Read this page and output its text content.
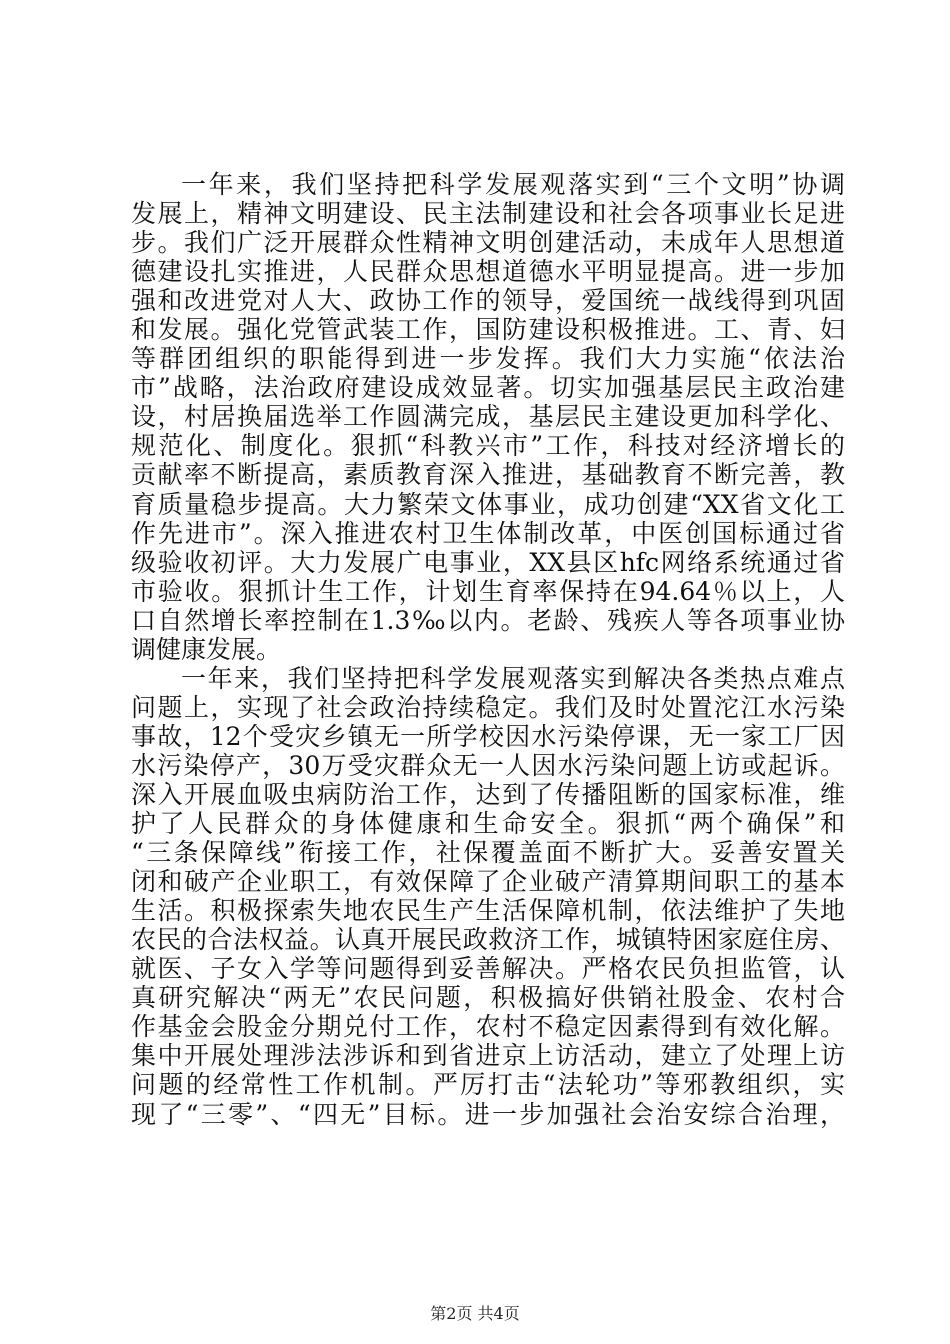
一年来，我们坚持把科学发展观落实到“三个文明”协调
发展上，精神文明建设、民主法制建设和社会各项事业长足进
步。我们广泛开展群众性精神文明创建活动，未成年人思想道
德建设扎实推进，人民群众思想道德水平明显提高。进一步加
强和改进党对人大、政协工作的领导，爱国统一战线得到巩固
和发展。强化党管武装工作，国防建设积极推进。工、青、妇
等群团组织的职能得到进一步发挥。我们大力实施“依法治
市”战略，法治政府建设成效显著。切实加强基层民主政治建
设，村居换届选举工作圆满完成，基层民主建设更加科学化、
规范化、制度化。狠抓“科教兴市”工作，科技对经济增长的
贡献率不断提高，素质教育深入推进，基础教育不断完善，教
育质量稳步提高。大力繁荣文体事业，成功创建“XX省文化工
作先进市”。深入推进农村卫生体制改革，中医创国标通过省
级验收初评。大力发展广电事业，XX县区hfc网络系统通过省
市验收。狠抓计生工作，计划生育率保持在94.64％以上，人
口自然增长率控制在1.3‰以内。老龄、残疾人等各项事业协
调健康发展。
一年来，我们坚持把科学发展观落实到解决各类热点难点
问题上，实现了社会政治持续稳定。我们及时处置沱江水污染
事故，12个受灾乡镇无一所学校因水污染停课，无一家工厂因
水污染停产，30万受灾群众无一人因水污染问题上访或起诉。
深入开展血吸虫病防治工作，达到了传播阻断的国家标准，维
护了人民群众的身体健康和生命安全。狠抓“两个确保”和
“三条保障线”衔接工作，社保覆盖面不断扩大。妥善安置关
闭和破产企业职工，有效保障了企业破产清算期间职工的基本
生活。积极探索失地农民生产生活保障机制，依法维护了失地
农民的合法权益。认真开展民政救济工作，城镇特困家庭住房、
就医、子女入学等问题得到妥善解决。严格农民负担监管，认
真研究解决“两无”农民问题，积极搞好供销社股金、农村合
作基金会股金分期兑付工作，农村不稳定因素得到有效化解。
集中开展处理涉法涉诉和到省进京上访活动，建立了处理上访
问题的经常性工作机制。严厉打击“法轮功”等邪教组织，实
现了“三零”、“四无”目标。进一步加强社会治安综合治理，
第2页 共4页
